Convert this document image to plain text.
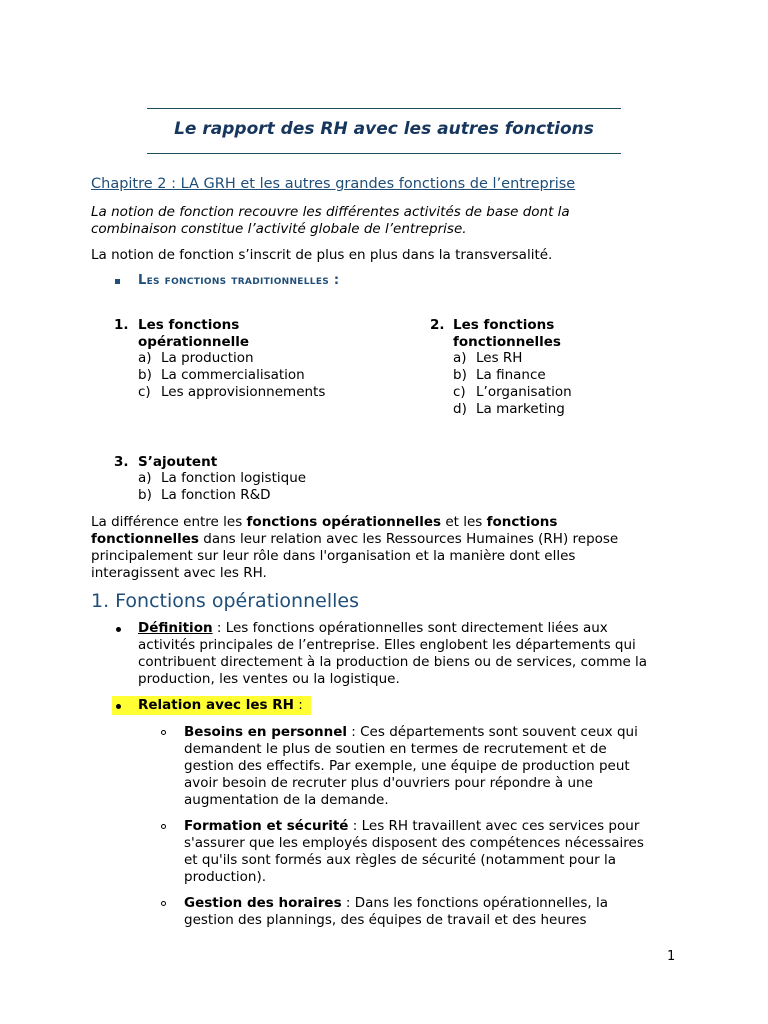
Le rapport des RH avec les autres fonctions
Chapitre 2 : LA GRH et les autres grandes fonctions de l’entreprise
La notion de fonction recouvre les différentes activités de base dont la
combinaison constitue l’activité globale de l’entreprise.
La notion de fonction s’inscrit de plus en plus dans la transversalité.
Les fonctions traditionnelles :
1. Les fonctions
opérationnelle
a) La production
b) La commercialisation
c) Les approvisionnements
2. Les fonctions
fonctionnelles
a) Les RH
b) La finance
c) L’organisation
d) La marketing
3. S’ajoutent
a) La fonction logistique
b) La fonction R&D
La différence entre les fonctions opérationnelles et les fonctions
fonctionnelles dans leur relation avec les Ressources Humaines (RH) repose
principalement sur leur rôle dans l'organisation et la manière dont elles
interagissent avec les RH.
1. Fonctions opérationnelles
Définition : Les fonctions opérationnelles sont directement liées aux
activités principales de l’entreprise. Elles englobent les départements qui
contribuent directement à la production de biens ou de services, comme la
production, les ventes ou la logistique.
Relation avec les RH :
Besoins en personnel : Ces départements sont souvent ceux qui
demandent le plus de soutien en termes de recrutement et de
gestion des effectifs. Par exemple, une équipe de production peut
avoir besoin de recruter plus d'ouvriers pour répondre à une
augmentation de la demande.
Formation et sécurité : Les RH travaillent avec ces services pour
s'assurer que les employés disposent des compétences nécessaires
et qu'ils sont formés aux règles de sécurité (notamment pour la
production).
Gestion des horaires : Dans les fonctions opérationnelles, la
gestion des plannings, des équipes de travail et des heures
1
